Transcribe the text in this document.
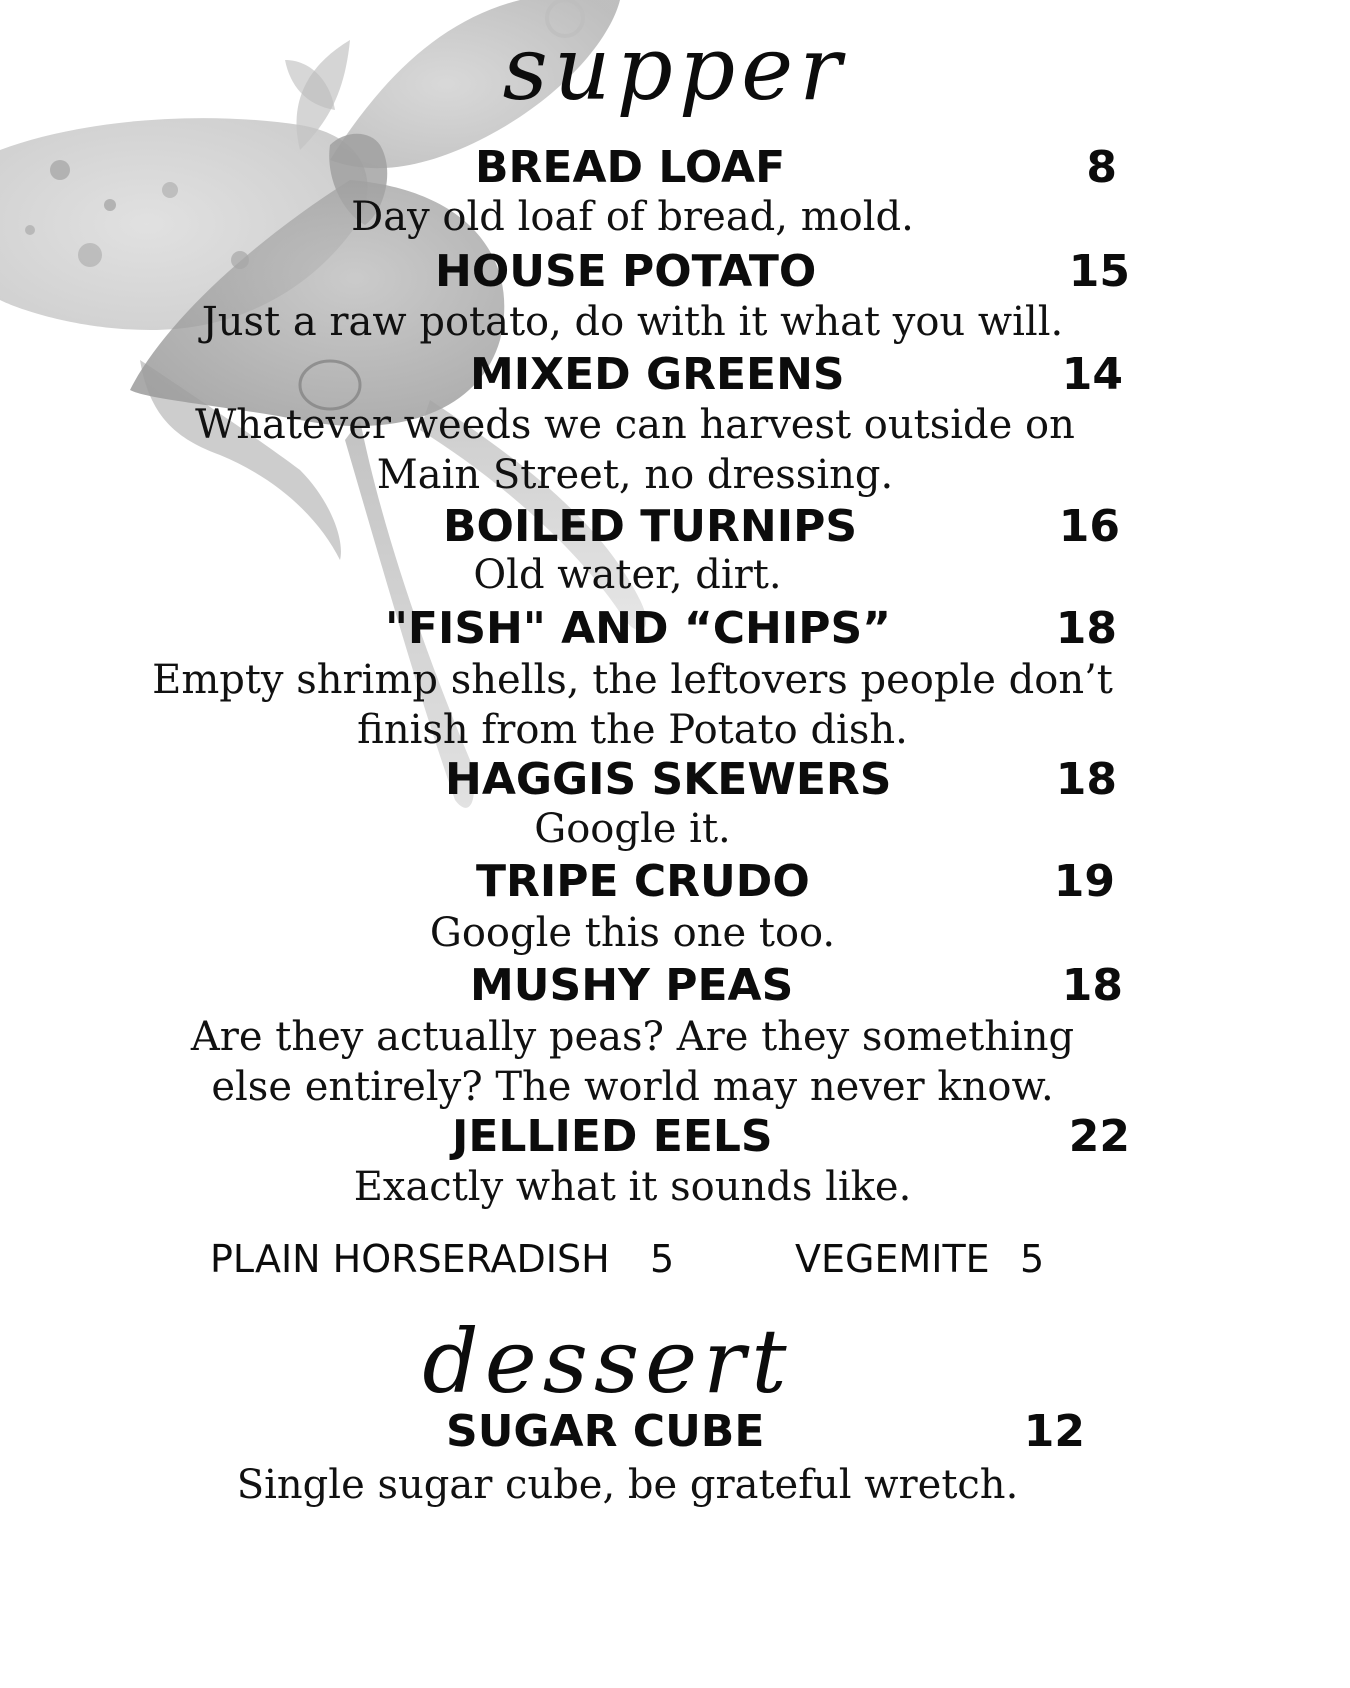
supper
BREAD LOAF	8
Day old loaf of bread, mold.
HOUSE POTATO	15
Just a raw potato, do with it what you will.
MIXED GREENS	14
Whatever weeds we can harvest outside on Main Street, no dressing.
BOILED TURNIPS	16
Old water, dirt.
"FISH" AND “CHIPS”	18
Empty shrimp shells, the leftovers people don’t finish from the Potato dish.
HAGGIS SKEWERS	18
Google it.
TRIPE CRUDO	19
Google this one too.
MUSHY PEAS	18
Are they actually peas? Are they something else entirely? The world may never know.
JELLIED EELS	22
Exactly what it sounds like.
PLAIN HORSERADISH 5	VEGEMITE 5
dessert
SUGAR CUBE	12
Single sugar cube, be grateful wretch.
